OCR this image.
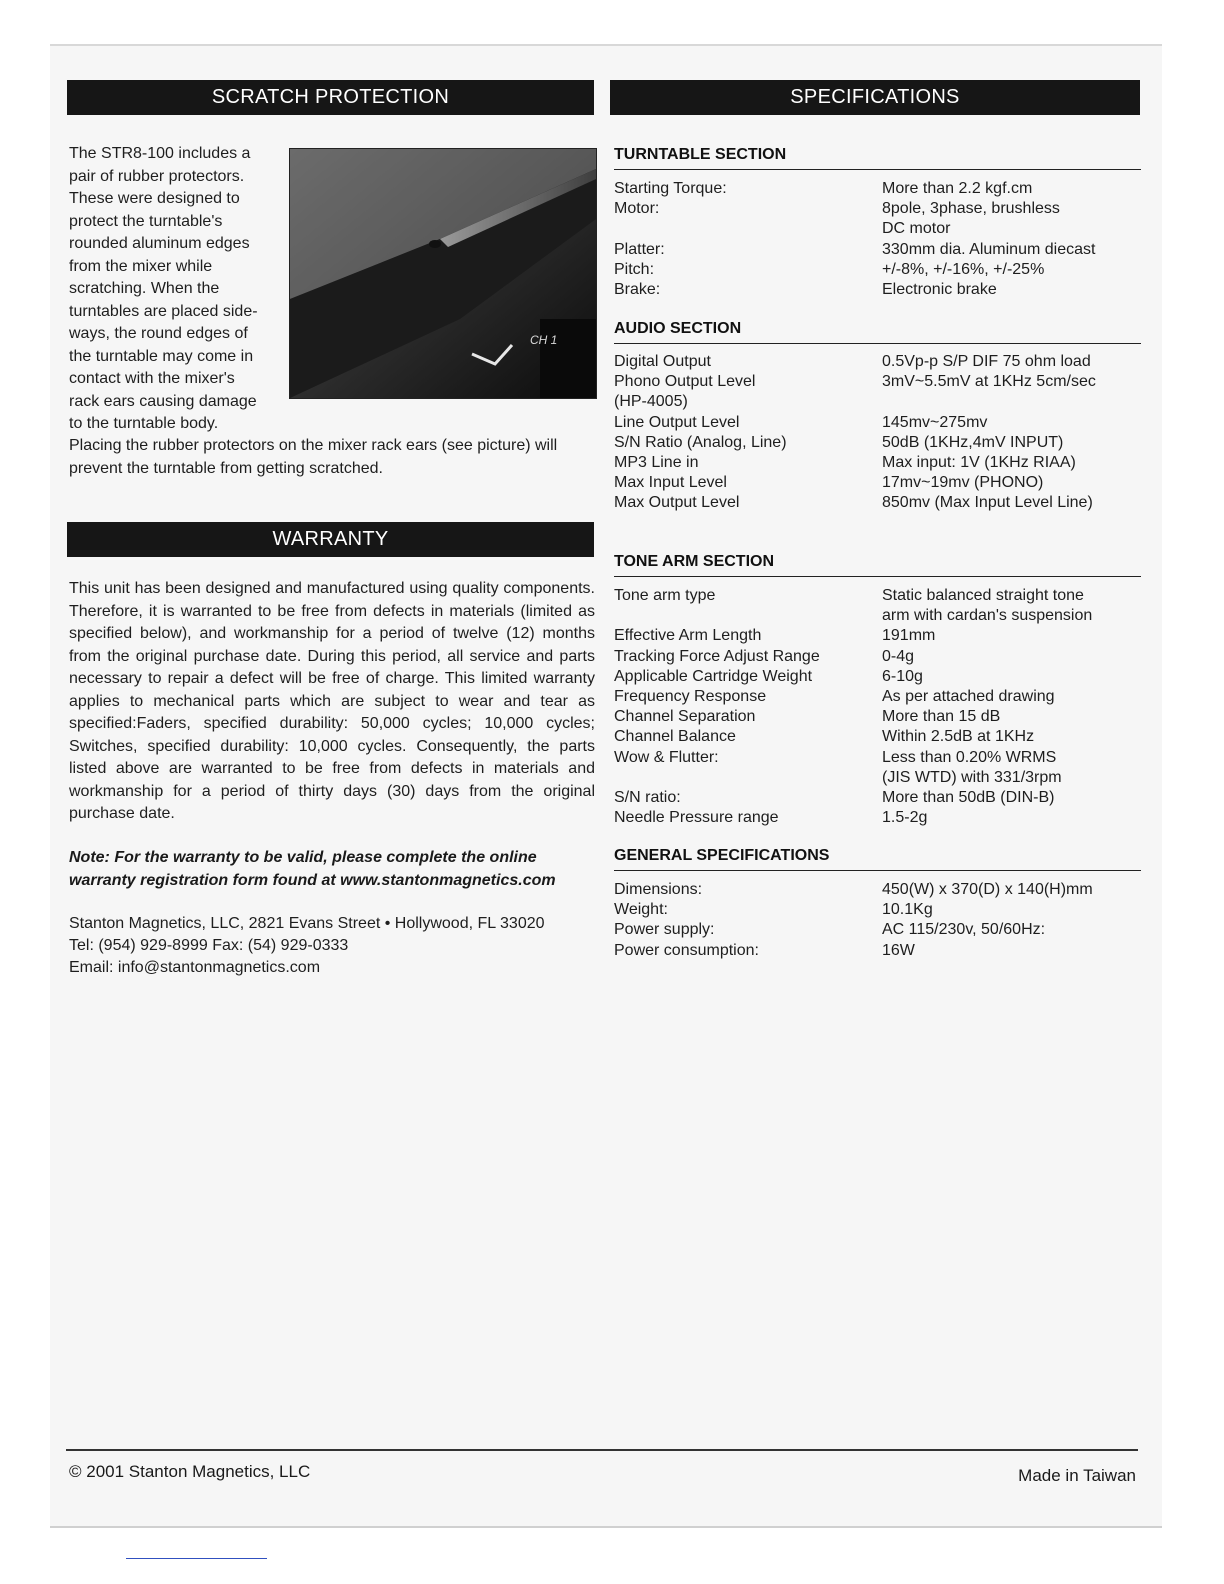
SCRATCH PROTECTION
The STR8-100 includes a
pair of rubber protectors.
These were designed to
protect the turntable's
rounded aluminum edges
from the mixer while
scratching. When the
turntables are placed side-
ways, the round edges of
the turntable may come in
contact with the mixer's
rack ears causing damage
to the turntable body.
CH 1
Placing the rubber protectors on the mixer rack ears (see picture) will prevent the turntable from getting scratched.
WARRANTY
This unit has been designed and manufactured using quality components. Therefore, it is warranted to be free from defects in materials (limited as specified below), and workmanship for a period of twelve (12) months from the original purchase date. During this period, all service and parts necessary to repair a defect will be free of charge. This limited warranty applies to mechanical parts which are subject to wear and tear as specified:Faders, specified durability: 50,000 cycles; 10,000 cycles; Switches, specified durability: 10,000 cycles. Consequently, the parts listed above are warranted to be free from defects in materials and workmanship for a period of thirty days (30) days from the original purchase date.
Note: For the warranty to be valid, please complete the online warranty registration form found at www.stantonmagnetics.com
Stanton Magnetics, LLC, 2821 Evans Street • Hollywood, FL 33020
Tel: (954) 929-8999 Fax: (54) 929-0333
Email: info@stantonmagnetics.com
SPECIFICATIONS
TURNTABLE SECTION
Starting Torque:
Motor:

Platter:
Pitch:
Brake:
More than 2.2 kgf.cm
8pole, 3phase, brushless
DC motor
330mm dia. Aluminum diecast
+/-8%, +/-16%, +/-25%
Electronic brake
AUDIO SECTION
Digital Output
Phono Output Level
(HP-4005)
Line Output Level
S/N Ratio (Analog, Line)
MP3 Line in
Max Input Level
Max Output Level
0.5Vp-p S/P DIF 75 ohm load
3mV~5.5mV at 1KHz 5cm/sec

145mv~275mv
50dB (1KHz,4mV INPUT)
Max input: 1V (1KHz RIAA)
17mv~19mv (PHONO)
850mv (Max Input Level Line)
TONE ARM SECTION
Tone arm type

Effective Arm Length
Tracking Force Adjust Range
Applicable Cartridge Weight
Frequency Response
Channel Separation
Channel Balance
Wow & Flutter:

S/N ratio:
Needle Pressure range
Static balanced straight tone
arm with cardan's suspension
191mm
0-4g
6-10g
As per attached drawing
More than 15 dB
Within 2.5dB at 1KHz
Less than 0.20% WRMS
(JIS WTD) with 331/3rpm
More than 50dB (DIN-B)
1.5-2g
GENERAL SPECIFICATIONS
Dimensions:
Weight:
Power supply:
Power consumption:
450(W) x 370(D) x 140(H)mm
10.1Kg
AC 115/230v, 50/60Hz:
16W
© 2001 Stanton Magnetics, LLC	Made in Taiwan
